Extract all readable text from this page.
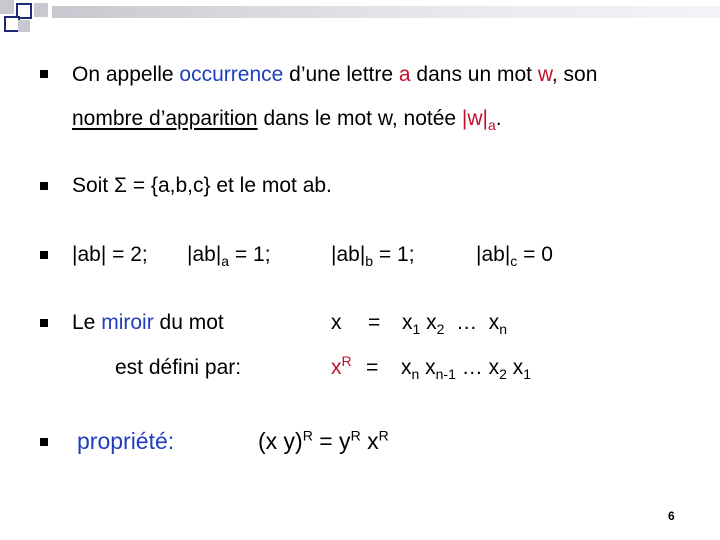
On appelle occurrence d’une lettre a dans un mot w, son
nombre d’apparition dans le mot w, notée $|w|_a$.
Soit Σ = {a,b,c} et le mot ab.
|ab| = 2; $|ab|_a = 1$;	$|ab|_b = 1$;	$|ab|_c = 0$
Le miroir du mot	$x = x_1$ $x_2$ … $x_n$
est défini par:	$x^R = x_n$ $x_{n-1}$ … $x_2$ $x_1$
propriété:	(x $y)^R = y^R$ $x^R$
6
